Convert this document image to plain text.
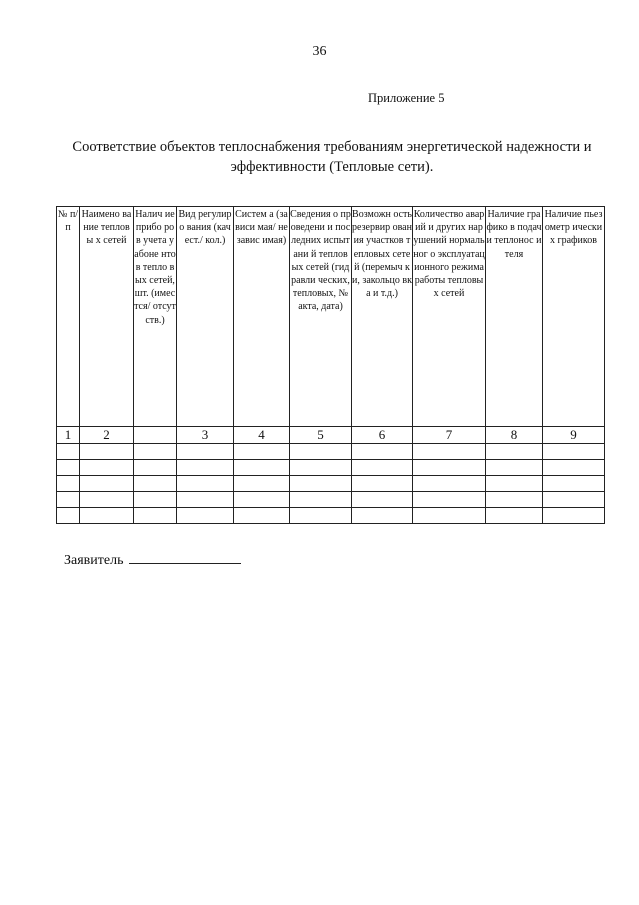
36
Приложение 5
Соответствие объектов теплоснабжения требованиям энергетической надежности и
эффективности (Тепловые сети).
№ п/ п	Наимено вание тепловы х сетей	Налич ие прибо ров учета у абоне нтов тепло вых сетей, шт. (имес тся/ отсут ств.)	Вид регулиро вания (качест./ кол.)	Систем а (зависи мая/ независ имая)	Сведения о проведени и последних испытани й тепловых сетей (гидравли ческих, тепловых, № акта, дата)	Возможн ость резервир ования участков тепловых сетей (перемыч ки, закольцо вка и т.д.)	Количество аварий и других нарушений нормальног о эксплуатац ионного режима работы тепловых сетей	Наличие графико в подачи теплонос ителя	Наличие пьезометр ических графиков

1	2		3	4	5	6	7	8	9

Заявитель
